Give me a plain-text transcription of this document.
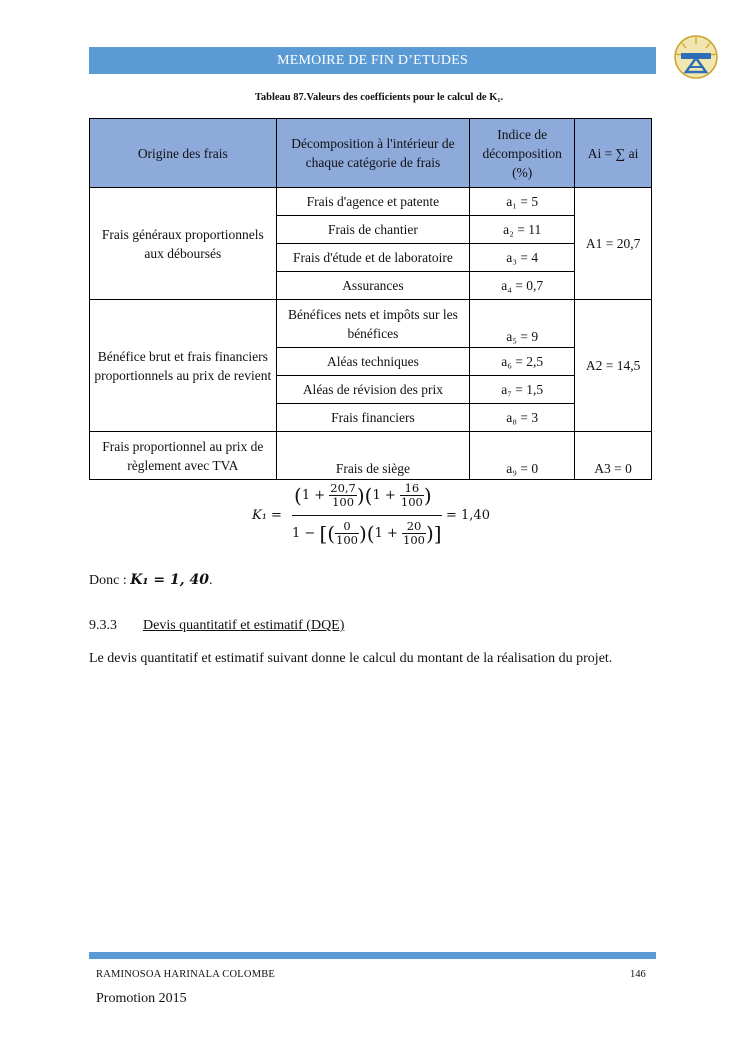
MEMOIRE DE FIN D’ETUDES
Tableau 87.Valeurs des coefficients pour le calcul de K₁.
Origine des frais	Décomposition à l'intérieur de chaque catégorie de frais	Indice de décomposition (%)	Ai = ∑ ai
Frais généraux proportionnels aux déboursés	Frais d'agence et patente	a₁ = 5	A1 = 20,7
	Frais de chantier	a₂ = 11	
	Frais d'étude et de laboratoire	a₃ = 4	
	Assurances	a₄ = 0,7	
Bénéfice brut et frais financiers proportionnels au prix de revient	Bénéfices nets et impôts sur les bénéfices	a₅ = 9	A2 = 14,5
	Aléas techniques	a₆ = 2,5	
	Aléas de révision des prix	a₇ = 1,5	
	Frais financiers	a₈ = 3	
Frais proportionnel au prix de règlement avec TVA	Frais de siège	a₉ = 0	A3 = 0
K₁ =
$(1 + \frac{20,7}{100} )(1 + \frac{16}{100}$ )
1 − [( $\frac{0}{100} )(1 + \frac{20}{100}$ )]
= 1,40
Donc : K₁ = 1, 40.
9.3.3 Devis quantitatif et estimatif (DQE)

Le devis quantitatif et estimatif suivant donne le calcul du montant de la réalisation du projet.

RAMINOSOA HARINALA COLOMBE	146
Promotion 2015
